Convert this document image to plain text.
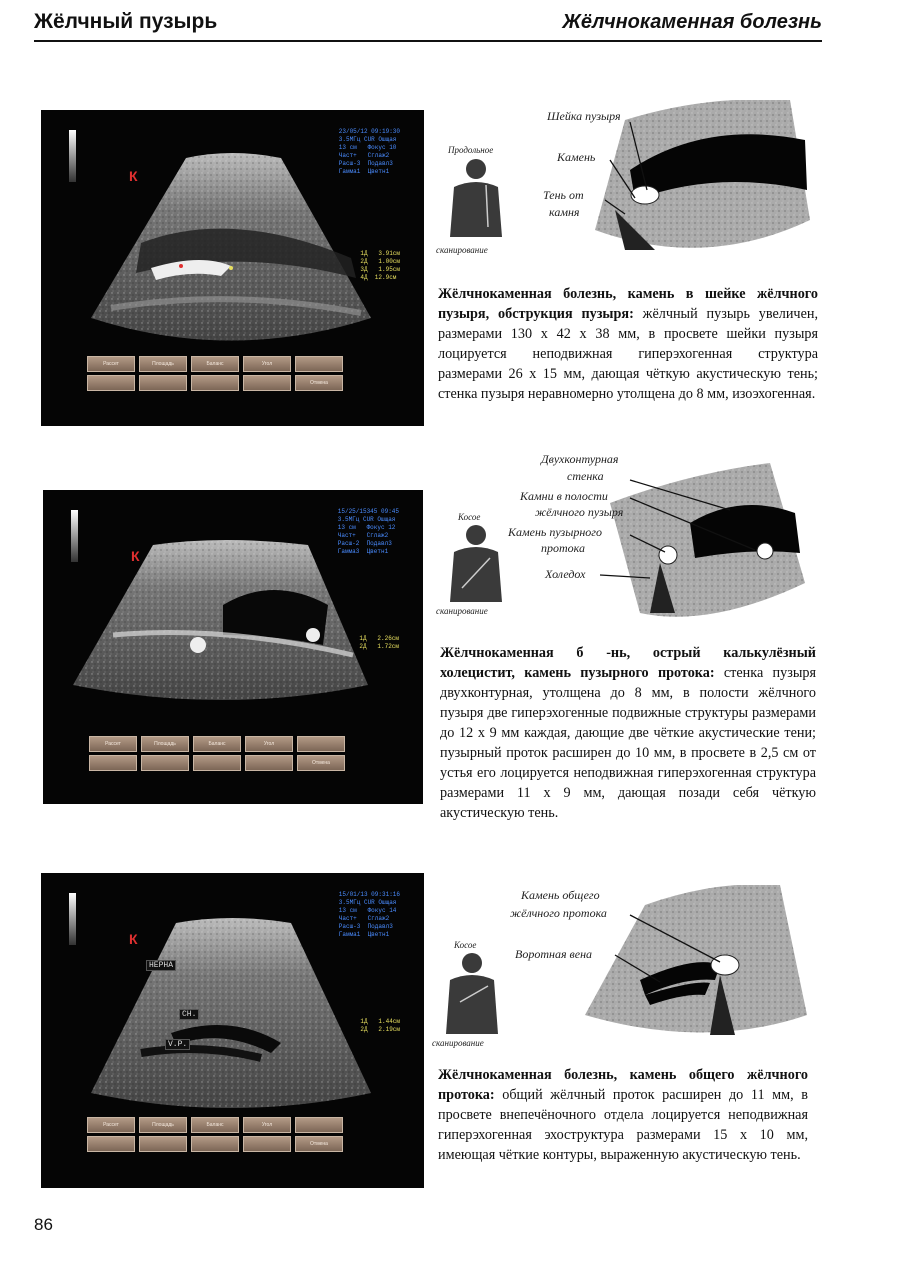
Жёлчный пузырь	Жёлчнокаменная болезнь
К
23/05/12 09:19:30
3.5МГц CUR Ошщая
13 см   Фокус 10
Част+   Сглаж2
Расш-3  Подавл3
Гамма1  Цветн1
1Д   3.91см
2Д   1.00см
3Д   1.95см
4Д  12.9см
Рассет	Площадь	Баланс	Угол
Отмена
Продольное
сканирование
Шейка пузыря
Камень
Тень от
камня
Жёлчнокаменная болезнь, камень в шейке жёлчного пузыря, обструкция пузыря: жёлчный пузырь увеличен, размерами 130 х 42 х 38 мм, в просвете шейки пузыря лоцируется неподвижная гиперэхогенная структура размерами 26 х 15 мм, дающая чёткую акустическую тень; стенка пузыря неравномерно утолщена до 8 мм, изоэхогенная.
К
15/25/15345 09:45
3.5МГц CUR Ошщая
13 см   Фокус 12
Част+   Сглаж2
Расш-2  Подавл3
Гамма3  Цветн1
1Д   2.26см
2Д   1.72см
Рассет	Площадь	Баланс	Угол
Отмена
Косое
сканирование
Двухконтурная
стенка
Камни в полости
жёлчного пузыря
Камень пузырного
протока
Холедох
Жёлчнокаменная б -нь, острый калькулёзный холецистит, камень пузырного протока: стенка пузыря двухконтурная, утолщена до 8 мм, в полости жёлчного пузыря две гиперэхогенные подвижные структуры размерами до 12 х 9 мм каждая, дающие две чёткие акустические тени; пузырный проток расширен до 10 мм, в просвете в 2,5 см от устья его лоцируется неподвижная гиперэхогенная структура размерами 11 х 9 мм, дающая позади себя чёткую акустическую тень.
К
15/01/13 09:31:16
3.5МГц CUR Ошщая
13 см   Фокус 14
Част+   Сглаж2
Расш-3  Подавл3
Гамма1  Цветн1
НЕРНА
CH.
V.P.
1Д   1.44см
2Д   2.19см
Рассет	Площадь	Баланс	Угол
Отмена
Косое
сканирование
Камень общего
жёлчного протока
Воротная вена
Жёлчнокаменная болезнь, камень общего жёлчного протока: общий жёлчный проток расширен до 11 мм, в просвете внепечёночного отдела лоцируется неподвижная гиперэхогенная эхоструктура размерами 15 х 10 мм, имеющая чёткие контуры, выраженную акустическую тень.
86
